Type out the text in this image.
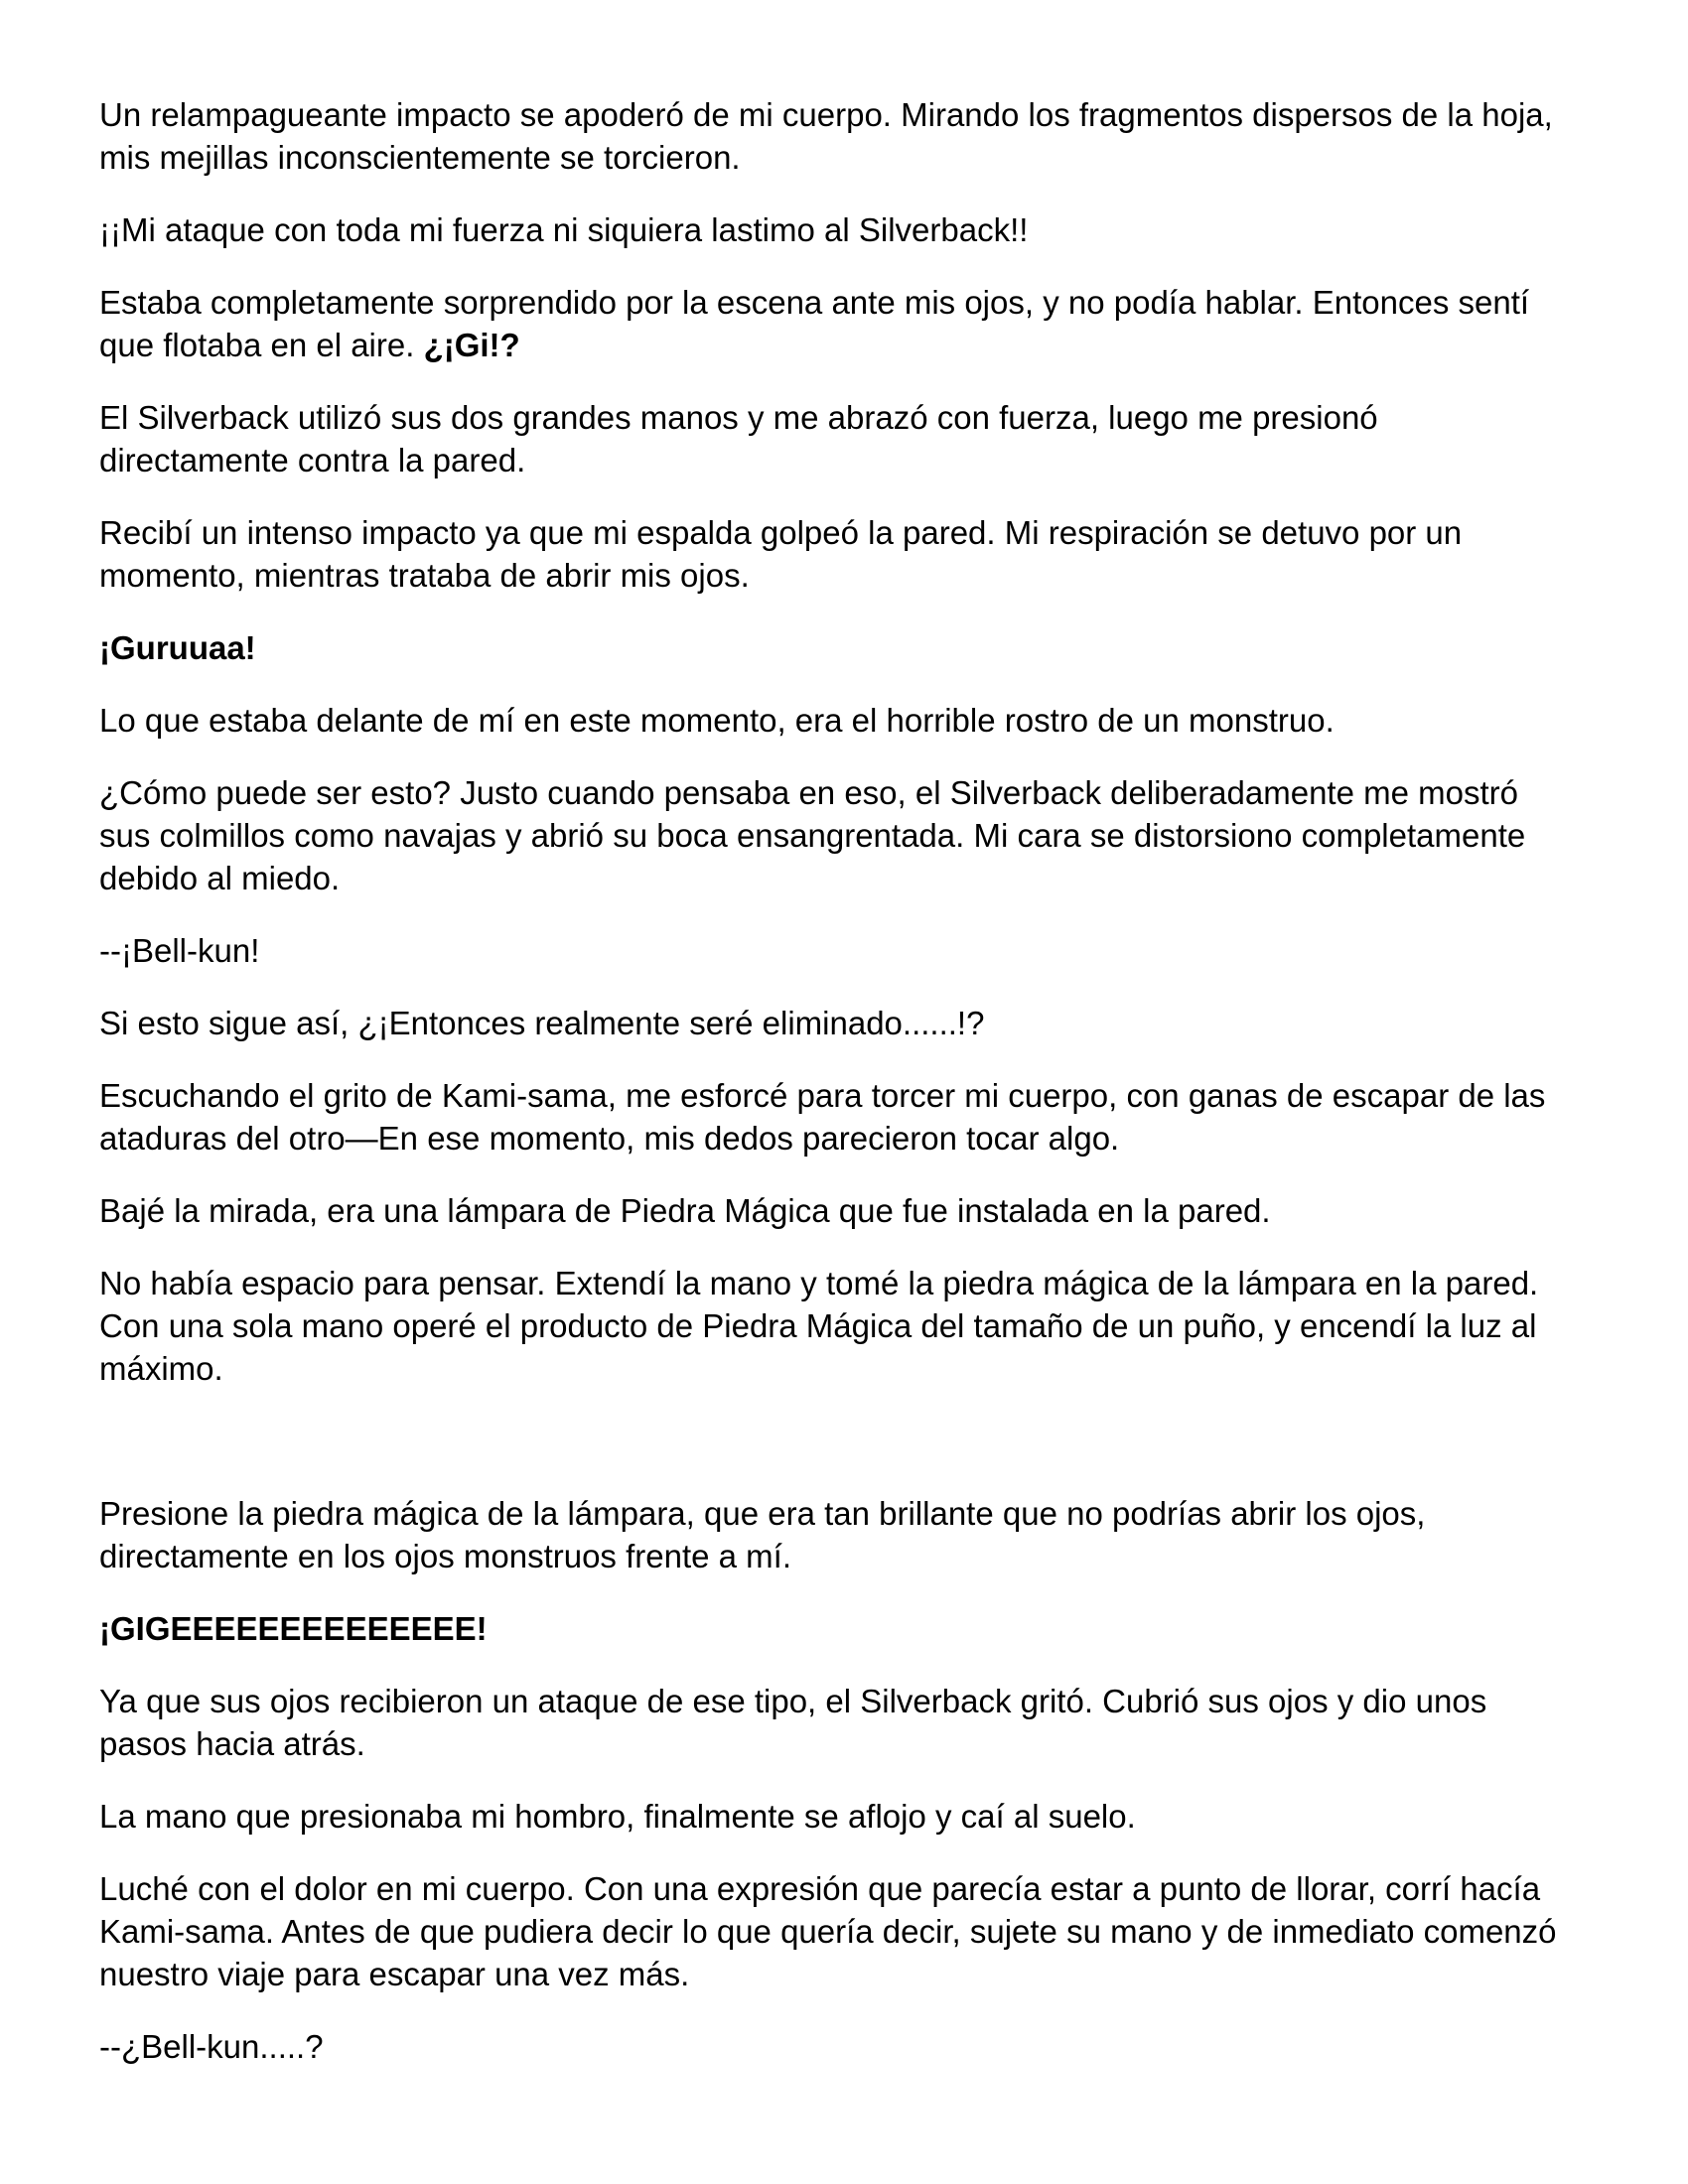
Un relampagueante impacto se apoderó de mi cuerpo. Mirando los fragmentos dispersos de la hoja, mis mejillas inconscientemente se torcieron.

¡¡Mi ataque con toda mi fuerza ni siquiera lastimo al Silverback!!

Estaba completamente sorprendido por la escena ante mis ojos, y no podía hablar. Entonces sentí que flotaba en el aire. ¿¡Gi!?

El Silverback utilizó sus dos grandes manos y me abrazó con fuerza, luego me presionó directamente contra la pared.

Recibí un intenso impacto ya que mi espalda golpeó la pared. Mi respiración se detuvo por un momento, mientras trataba de abrir mis ojos.

¡Guruuaa!

Lo que estaba delante de mí en este momento, era el horrible rostro de un monstruo.

¿Cómo puede ser esto? Justo cuando pensaba en eso, el Silverback deliberadamente me mostró sus colmillos como navajas y abrió su boca ensangrentada. Mi cara se distorsiono completamente debido al miedo.

--¡Bell-kun!

Si esto sigue así, ¿¡Entonces realmente seré eliminado......!?

Escuchando el grito de Kami-sama, me esforcé para torcer mi cuerpo, con ganas de escapar de las ataduras del otro—En ese momento, mis dedos parecieron tocar algo.

Bajé la mirada, era una lámpara de Piedra Mágica que fue instalada en la pared.

No había espacio para pensar. Extendí la mano y tomé la piedra mágica de la lámpara en la pared. Con una sola mano operé el producto de Piedra Mágica del tamaño de un puño, y encendí la luz al máximo.

Presione la piedra mágica de la lámpara, que era tan brillante que no podrías abrir los ojos, directamente en los ojos monstruos frente a mí.

¡GIGEEEEEEEEEEEEEE!

Ya que sus ojos recibieron un ataque de ese tipo, el Silverback gritó. Cubrió sus ojos y dio unos pasos hacia atrás.

La mano que presionaba mi hombro, finalmente se aflojo y caí al suelo.

Luché con el dolor en mi cuerpo. Con una expresión que parecía estar a punto de llorar, corrí hacía Kami-sama. Antes de que pudiera decir lo que quería decir, sujete su mano y de inmediato comenzó nuestro viaje para escapar una vez más.

--¿Bell-kun.....?
